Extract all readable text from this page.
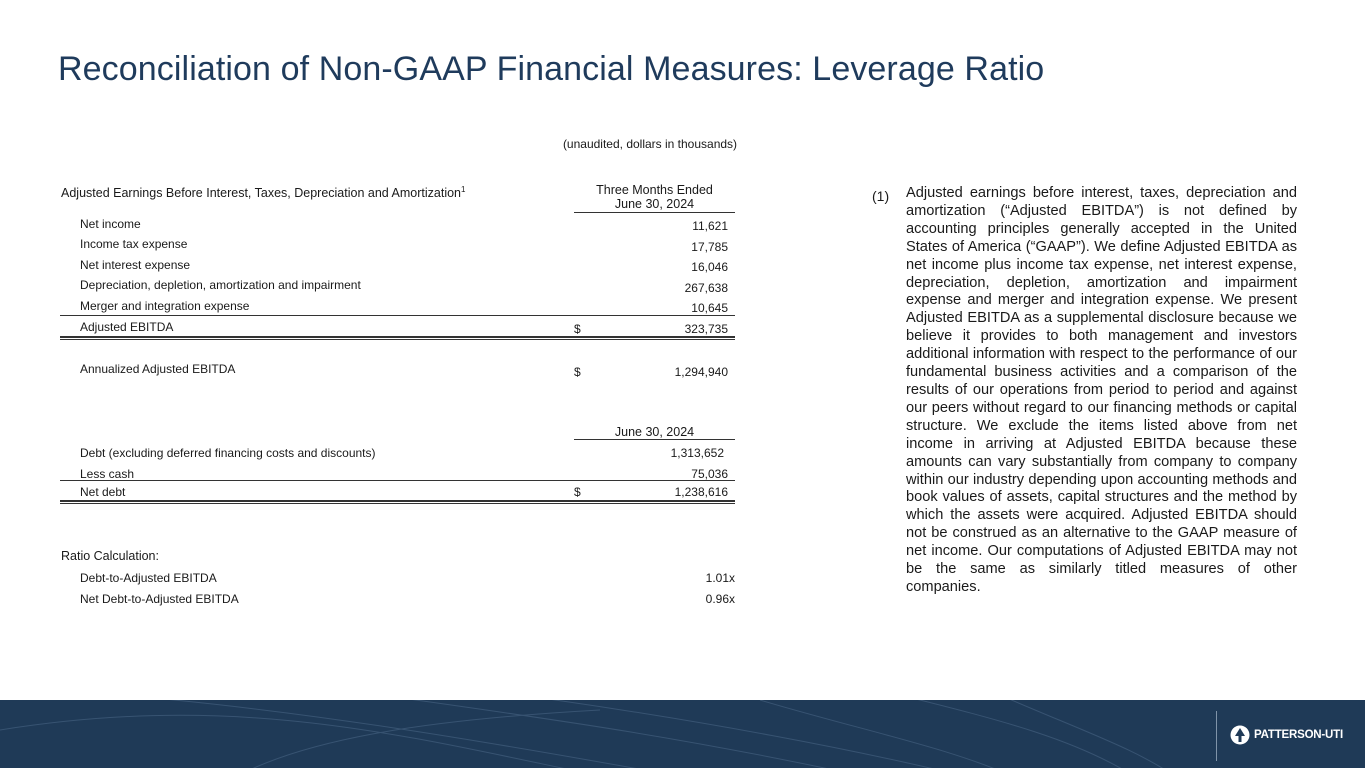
Reconciliation of Non-GAAP Financial Measures: Leverage Ratio
(unaudited, dollars in thousands)
Adjusted Earnings Before Interest, Taxes, Depreciation and Amortization$^1$	Three Months Ended
June 30, 2024
Net income	11,621
Income tax expense	17,785
Net interest expense	16,046
Depreciation, depletion, amortization and impairment	267,638
Merger and integration expense	10,645
Adjusted EBITDA	$	323,735
Annualized Adjusted EBITDA	$	1,294,940
June 30, 2024
Debt (excluding deferred financing costs and discounts)	1,313,652
Less cash	75,036
Net debt	$	1,238,616
Ratio Calculation:
Debt-to-Adjusted EBITDA	1.01x
Net Debt-to-Adjusted EBITDA	0.96x
(1) Adjusted earnings before interest, taxes, depreciation and amortization (“Adjusted EBITDA”) is not defined by accounting principles generally accepted in the United States of America (“GAAP”). We define Adjusted EBITDA as net income plus income tax expense, net interest expense, depreciation, depletion, amortization and impairment expense and merger and integration expense. We present Adjusted EBITDA as a supplemental disclosure because we believe it provides to both management and investors additional information with respect to the performance of our fundamental business activities and a comparison of the results of our operations from period to period and against our peers without regard to our financing methods or capital structure. We exclude the items listed above from net income in arriving at Adjusted EBITDA because these amounts can vary substantially from company to company within our industry depending upon accounting methods and book values of assets, capital structures and the method by which the assets were acquired. Adjusted EBITDA should not be construed as an alternative to the GAAP measure of net income. Our computations of Adjusted EBITDA may not be the same as similarly titled measures of other companies.
PATTERSON-UTI
